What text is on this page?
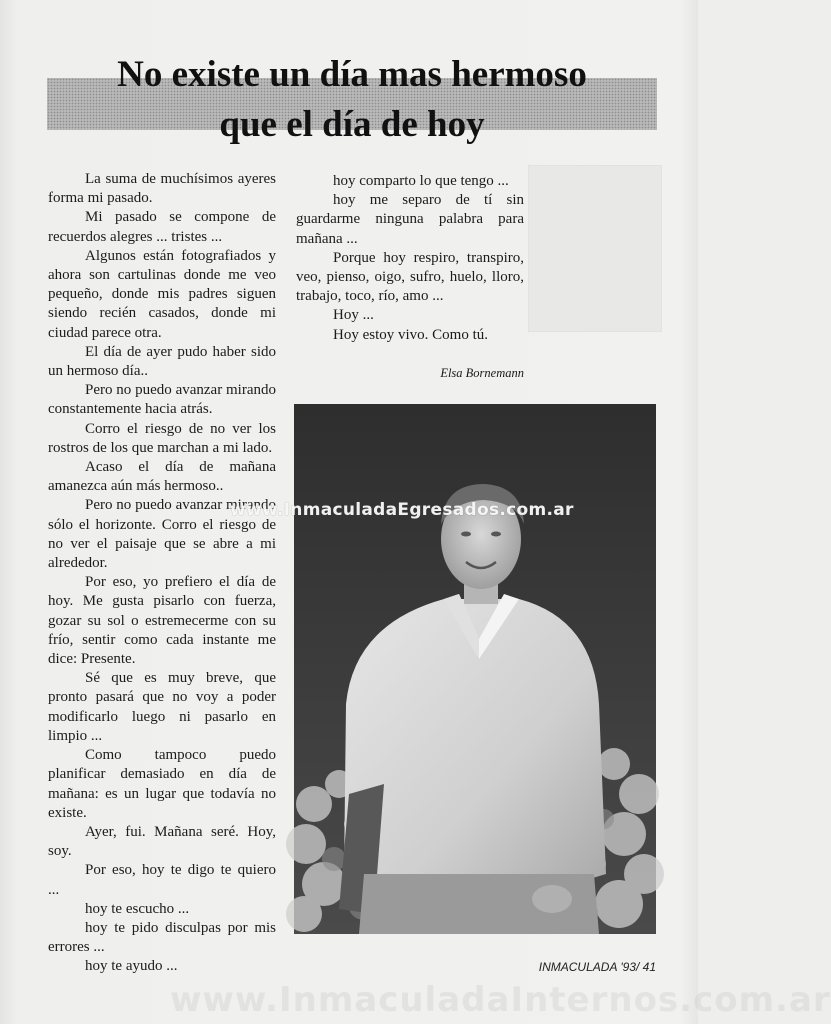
No existe un día mas hermoso
que el día de hoy

La suma de muchísimos ayeres forma mi pasado.

Mi pasado se compone de recuerdos alegres ... tristes ...

Algunos están fotografiados y ahora son cartulinas donde me veo pequeño, donde mis padres siguen siendo recién casados, donde mi ciudad parece otra.

El día de ayer pudo haber sido un hermoso día..

Pero no puedo avanzar mirando constantemente hacia atrás.

Corro el riesgo de no ver los rostros de los que marchan a mi lado.

Acaso el día de mañana amanezca aún más hermoso..

Pero no puedo avanzar mirando sólo el horizonte. Corro el riesgo de no ver el paisaje que se abre a mi alrededor.

Por eso, yo prefiero el día de hoy. Me gusta pisarlo con fuerza, gozar su sol o estremecerme con su frío, sentir como cada instante me dice: Presente.

Sé que es muy breve, que pronto pasará que no voy a poder modificarlo luego ni pasarlo en limpio ...

Como tampoco puedo planificar demasiado en día de mañana: es un lugar que todavía no existe.

Ayer, fui. Mañana seré. Hoy, soy.

Por eso, hoy te digo te quiero ...

hoy te escucho ...

hoy te pido disculpas por mis errores ...

hoy te ayudo ...

hoy comparto lo que tengo ...

hoy me separo de tí sin guardarme ninguna palabra para mañana ...

Porque hoy respiro, transpiro, veo, pienso, oigo, sufro, huelo, lloro, trabajo, toco, río, amo ...

Hoy ...

Hoy estoy vivo. Como tú.

Elsa Bornemann
www.InmaculadaEgresados.com.ar
INMACULADA '93/ 41
www.InmaculadaInternos.com.ar
